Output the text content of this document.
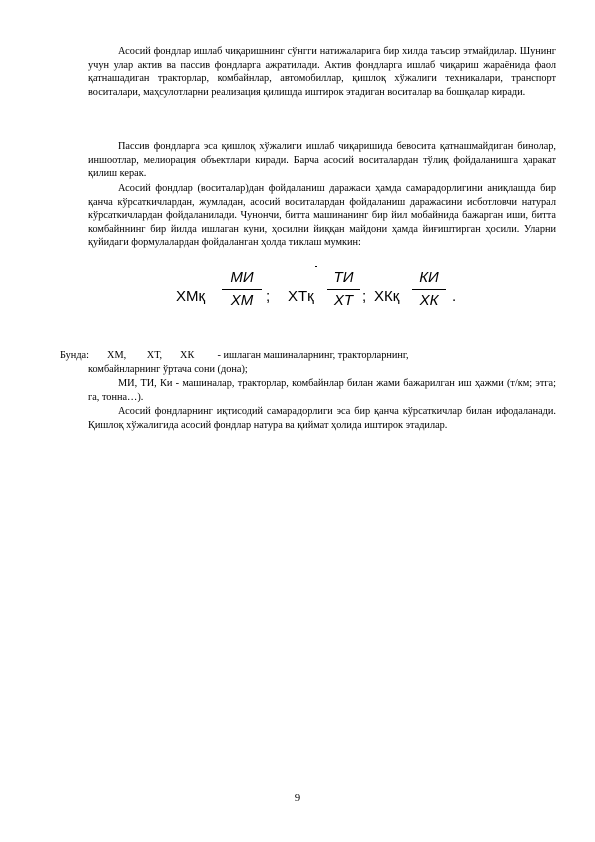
Асосий фондлар ишлаб чиқаришнинг сўнгги натижаларига бир хилда таъсир этмайдилар. Шунинг учун улар актив ва пассив фондларга ажратилади. Актив фондларга ишлаб чиқариш жараёнида фаол қатнашадиган тракторлар, комбайнлар, автомобиллар, қишлоқ хўжалиги техникалари, транспорт воситалари, маҳсулотларни реализация қилишда иштирок этадиган воситалар ва бошқалар киради.

Пассив фондларга эса қишлоқ хўжалиги ишлаб чиқаришида бевосита қатнашмайдиган бинолар, иншоотлар, мелиорация объектлари киради. Барча асосий воситалардан тўлиқ фойдаланишга ҳаракат қилиш керак.

Асосий фондлар (воситалар)дан фойдаланиш даражаси ҳамда самарадорлигини аниқлашда бир қанча кўрсаткичлардан, жумладан, асосий воситалардан фойдаланиш даражасини исботловчи натурал кўрсаткичлардан фойдаланилади. Чунончи, битта машинанинг бир йил мобайнида бажарган иши, битта комбайннинг бир йилда ишлаган куни, ҳосилни йиққан майдони ҳамда йиғиштирган ҳосили. Уларни қуйидаги формулалардан фойдаланган ҳолда тиклаш мумкин:

ХМқ
МИ
ХМ ; ХТқ
ТИ
ХТ ; ХКқ
КИ
ХК .
Бунда:       ХМ,        ХТ,       ХК         - ишлаган машиналарнинг, тракторларнинг,
комбайнларнинг ўртача сони (дона);

МИ, ТИ, Ки - машиналар, тракторлар, комбайнлар билан жами бажарилган иш ҳажми (т/км; этга; га, тонна…).

Асосий фондларнинг иқтисодий самарадорлиги эса бир қанча кўрсаткичлар билан ифодаланади. Қишлоқ хўжалигида асосий фондлар натура ва қиймат ҳолида иштирок этадилар.

9
